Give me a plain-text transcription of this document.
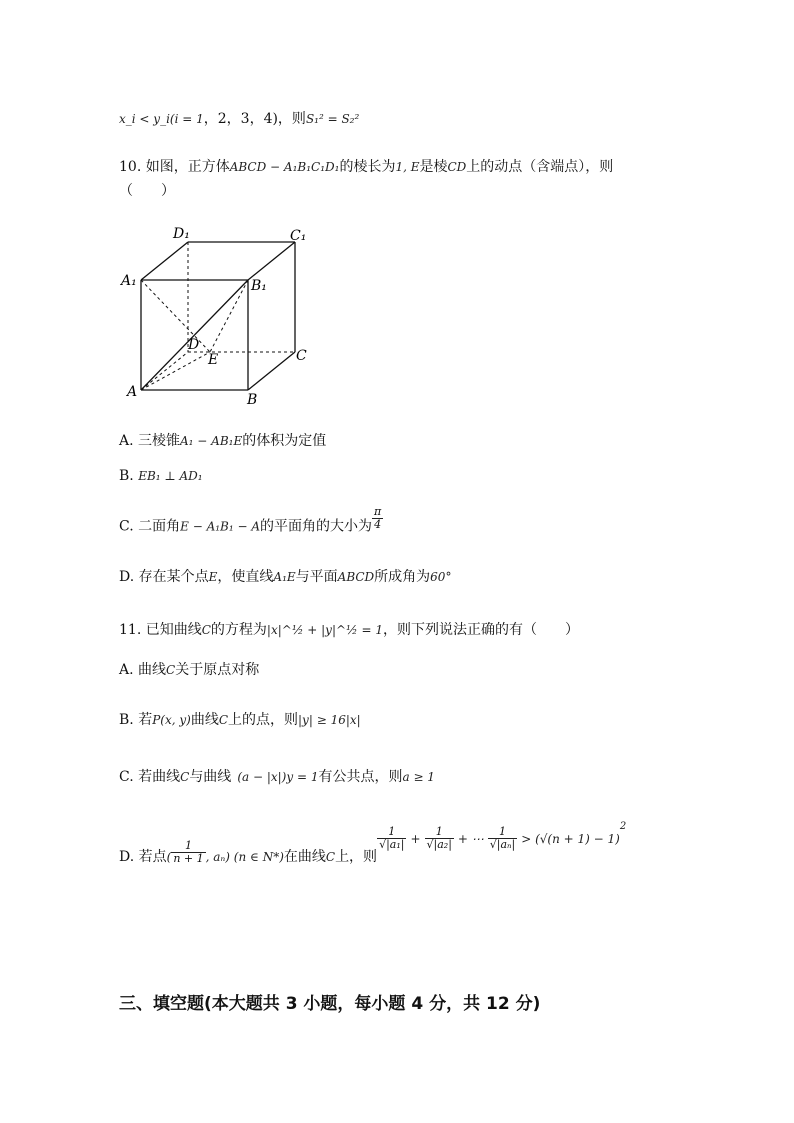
x_i < y_i(i = 1，2，3，4)，则S₁² = S₂²
10. 如图，正方体ABCD − A₁B₁C₁D₁的棱长为1, E是棱CD上的动点（含端点），则
（　　）
D₁	C₁
A₁	B₁
D
E	C
A	B
A. 三棱锥A₁ − AB₁E的体积为定值
B. EB₁ ⊥ AD₁
C. 二面角E − A₁B₁ − A的平面角的大小为 $\frac{\pi}{4}$
D. 存在某个点E，使直线A₁E与平面ABCD所成角为60°
11. 已知曲线C的方程为|x|^½ + |y|^½ = 1，则下列说法正确的有（　　）
A. 曲线C关于原点对称
B. 若P(x, y)曲线C上的点，则|y| ≥ 16|x|
C. 若曲线C与曲线 (a − |x|)y = 1有公共点，则a ≥ 1
D. 若点( $\frac{1}{n + 1}$ , aₙ) (n ∈ N*)在曲线C上，则
$\frac{1}{\text{√|a₁|}} + \frac{1}{\text{√|a₂|}}$ + ⋯ $\frac{1}{\text{√|aₙ|}} > (√(n + 1) - 1)^2$
三、填空题(本大题共 3 小题，每小题 4 分，共 12 分)
